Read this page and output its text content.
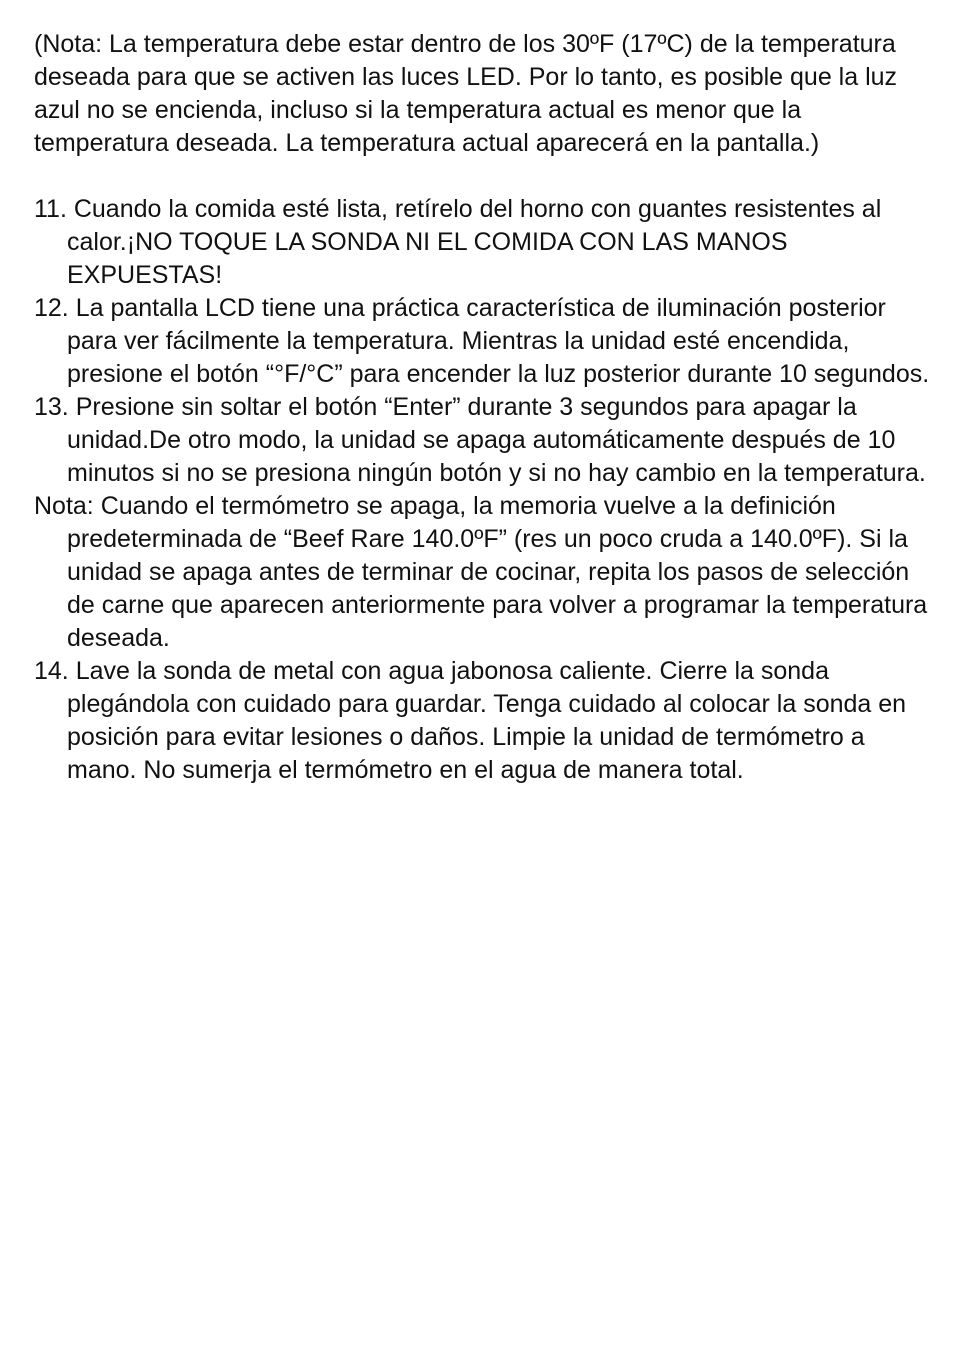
(Nota: La temperatura debe estar dentro de los 30ºF (17ºC) de la temperatura deseada para que se activen las luces LED. Por lo tanto, es posible que la luz azul no se encienda, incluso si la temperatura actual es menor que la temperatura deseada. La temperatura actual aparecerá en la pantalla.)

11. Cuando la comida esté lista, retírelo del horno con guantes resistentes al calor.¡NO TOQUE LA SONDA NI EL COMIDA CON LAS MANOS EXPUESTAS!

12. La pantalla LCD tiene una práctica característica de iluminación posterior para ver fácilmente la temperatura. Mientras la unidad esté encendida, presione el botón “°F/°C” para encender la luz posterior durante 10 segundos.

13. Presione sin soltar el botón “Enter” durante 3 segundos para apagar la unidad.De otro modo, la unidad se apaga automáticamente después de 10 minutos si no se presiona ningún botón y si no hay cambio en la temperatura.

Nota: Cuando el termómetro se apaga, la memoria vuelve a la definición predeterminada de “Beef Rare 140.0ºF” (res un poco cruda a 140.0ºF). Si la unidad se apaga antes de terminar de cocinar, repita los pasos de selección de carne que aparecen anteriormente para volver a programar la temperatura deseada.

14. Lave la sonda de metal con agua jabonosa caliente. Cierre la sonda plegándola con cuidado para guardar. Tenga cuidado al colocar la sonda en posición para evitar lesiones o daños. Limpie la unidad de termómetro a mano. No sumerja el termómetro en el agua de manera total.
